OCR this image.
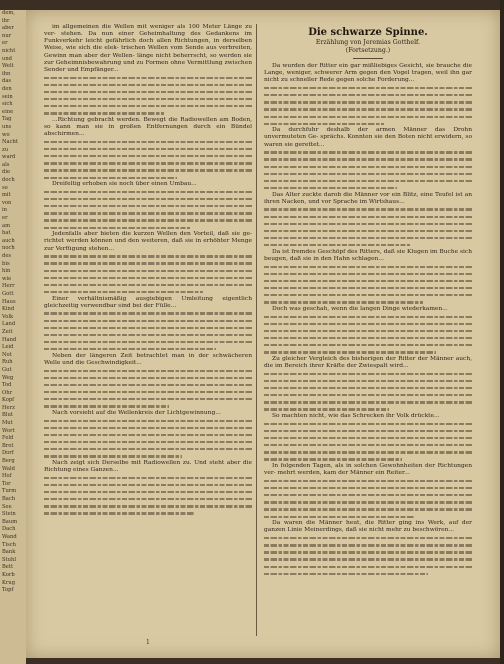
dem,
ihr
aber
nur
er
nicht
und
Welt
ihn
das
den
sein
sich
eine
Tag
uns
wo
Nacht
zu
ward
als
die
doch
so
mit
von
in
er
am
hat
auch
noch
des
bis
hin
wie
Herr
Gott
Haus
Kind
Volk
Land
Zeit
Hand
Leid
Not
Ruh
Gut
Weg
Tod
Ohr
Kopf
Herz
Blut
Mut
Wort
Feld
Brot
Dorf
Berg
Wald
Hof
Tor
Turm
Bach
See
Stein
Baum
Dach
Wand
Tisch
Bank
Stuhl
Bett
Korb
Krug
Topf

im allgemeinen die Wellen mit weniger als 100 Meter Länge zu ver- stehen. Da nun einer Geheimhaltung des Gedankens im Funkverkehr leicht gefährlich doch allen Richtungen, in derselben Weise, wie sich die elek- trischen Wellen vom Sende aus verbreiten, Gewinn man aber der Wellen- länge nicht beherrscht, so werden sie zur Geheimnisbewahrung und zu Formen ohne Vermittlung zwischen Sender und Empfänger...

...Richtung gebracht werden. Bewegt die Radiowellen am Boden, so kann man sie in großen Entfernungen durch ein Bündel abschirmen...

Dreifeltig erhoben sie noch über einen Umbau...

Jedenfalls aber bieten die kurzen Wellen den Vorteil, daß sie ge- richtet werden können und den weiteren, daß sie in erhöhter Menge zur Verfügung stehen...

Einer verhältnismäßig ausgiebigen Umleitung eigentlich gleichzeitig verwendbar sind bei der Fülle...

Neben der längeren Zeit betrachtet man in der schwächeren Welle und die Geschwindigkeit...

Nach vorsieht auf die Wellenkreis der Lichtgewinnung...

Nach zeigt sich Derselbe mit Radiowellen zu. Und steht aber die Richtung eines Ganzen...

Die schwarze Spinne.
Erzählung von Jeremias Gotthelf.
(Fortsetzung.)

Da wurden der Ritter ein gar mißliebiges Gesicht, sie brauche die Lange, weniger, schwerer Arm gegen den Vogel tragen, weil ihn gar nicht zu schneller Rede gegen solche Forderung...

Da durchfuhr deshalb der armen Männer das Drohn unvermuteten Ge- sprächs. Konnten sie den Boten nicht erwidern, so waren sie gerettet...

Das Alter zuckte darob die Männer vor ein Blitz, eine Teufel ist an ihren Nacken, und vor Sprache im Wirtshaus...

Da ist fremdes Geschöpf des Ritters, daß sie Klugen im Buche sich beugen, daß sie in den Hahn schlagen...

Doch was geschah, wenn die langen Dinge wiederkamen...

Zu gleicher Vergleich des bisherigen der Ritter der Männer auch, die im Bereich ihrer Kräfte der Zwiespalt wird...

So machten nicht, wie das Schrecken ihr Volk drückte...

In folgenden Tagen, als in solchen Gewohnheiten der Richtungen ver- mehrt werden, kam der Männer ein Reiter...

Da waren die Männer heut, die Ritter ging ins Werk, auf der ganzen Linie Meinerdings, daß sie nicht mehr zu beschwören...

1
